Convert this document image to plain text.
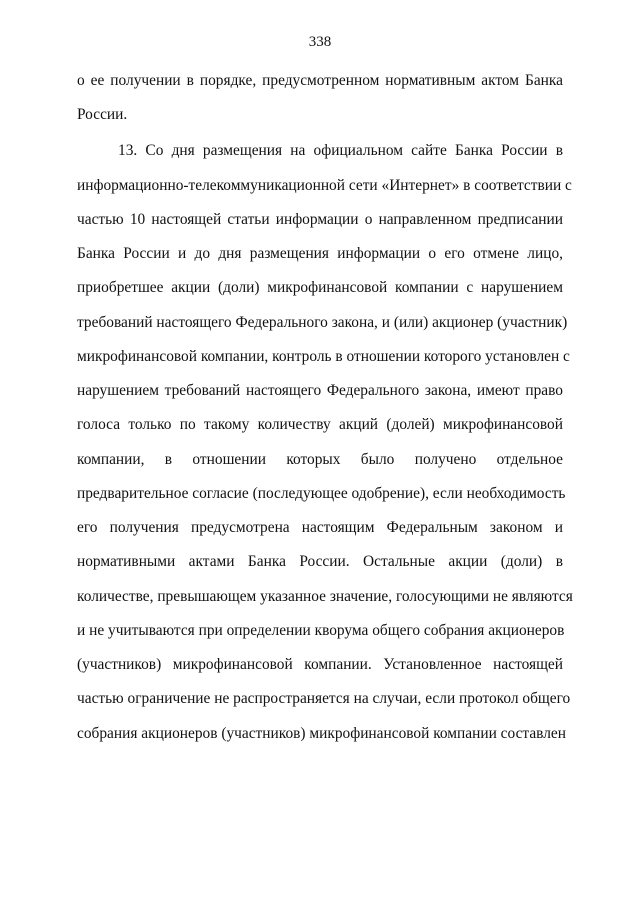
338
о ее получении в порядке, предусмотренном нормативным актом Банка
России.
13. Со дня размещения на официальном сайте Банка России в
информационно-телекоммуникационной сети «Интернет» в соответствии с
частью 10 настоящей статьи информации о направленном предписании
Банка России и до дня размещения информации о его отмене лицо,
приобретшее акции (доли) микрофинансовой компании с нарушением
требований настоящего Федерального закона, и (или) акционер (участник)
микрофинансовой компании, контроль в отношении которого установлен с
нарушением требований настоящего Федерального закона, имеют право
голоса только по такому количеству акций (долей) микрофинансовой
компании, в отношении которых было получено отдельное
предварительное согласие (последующее одобрение), если необходимость
его получения предусмотрена настоящим Федеральным законом и
нормативными актами Банка России. Остальные акции (доли) в
количестве, превышающем указанное значение, голосующими не являются
и не учитываются при определении кворума общего собрания акционеров
(участников) микрофинансовой компании. Установленное настоящей
частью ограничение не распространяется на случаи, если протокол общего
собрания акционеров (участников) микрофинансовой компании составлен
